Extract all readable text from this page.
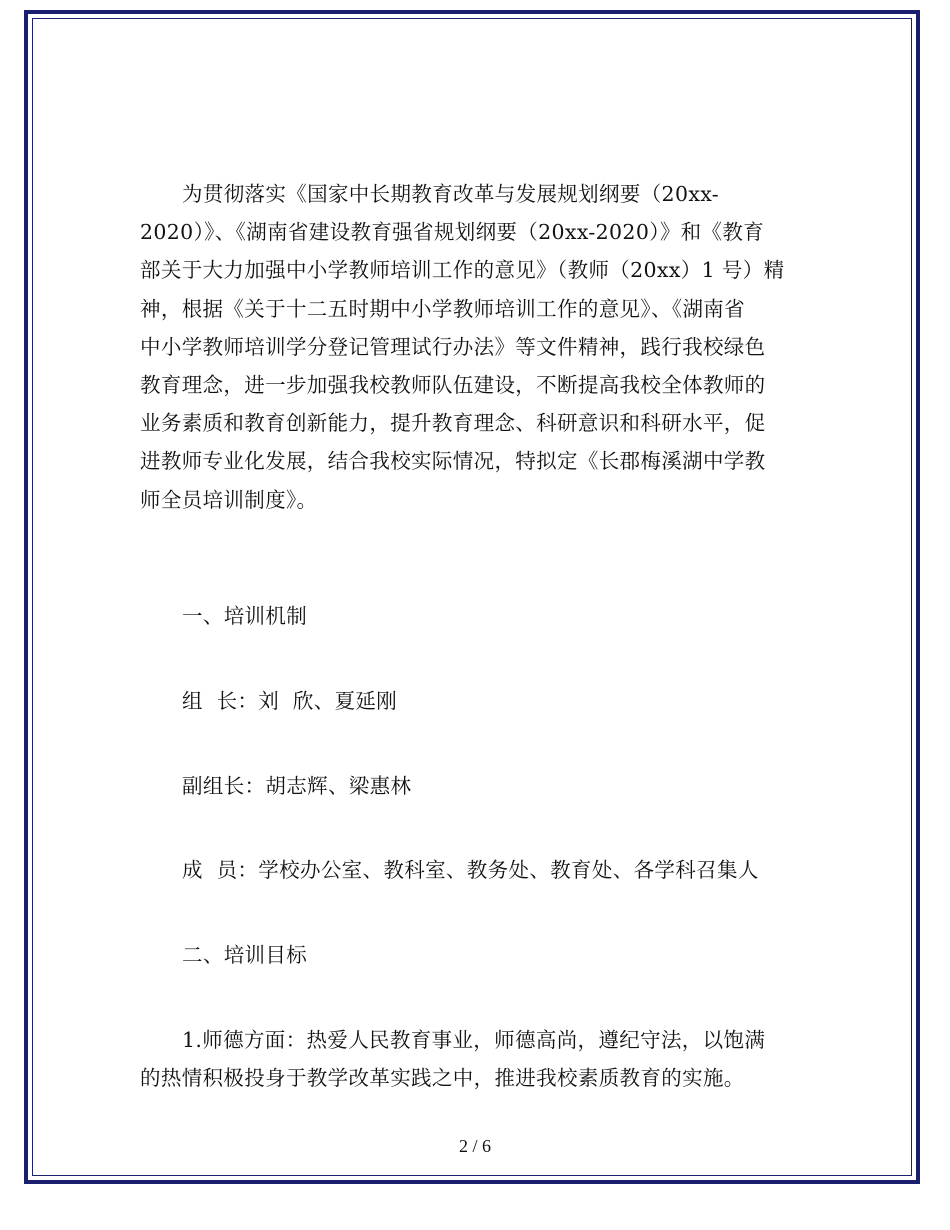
为贯彻落实《国家中长期教育改革与发展规划纲要（20xx-
2020）》、《湖南省建设教育强省规划纲要（20xx-2020）》和《教育
部关于大力加强中小学教师培训工作的意见》（教师（20xx）1 号）精
神，根据《关于十二五时期中小学教师培训工作的意见》、《湖南省
中小学教师培训学分登记管理试行办法》等文件精神，践行我校绿色
教育理念，进一步加强我校教师队伍建设，不断提高我校全体教师的
业务素质和教育创新能力，提升教育理念、科研意识和科研水平，促
进教师专业化发展，结合我校实际情况，特拟定《长郡梅溪湖中学教
师全员培训制度》。

一、培训机制

组  长：刘  欣、夏延刚

副组长：胡志辉、梁惠林

成  员：学校办公室、教科室、教务处、教育处、各学科召集人

二、培训目标

1.师德方面：热爱人民教育事业，师德高尚，遵纪守法，以饱满
的热情积极投身于教学改革实践之中，推进我校素质教育的实施。

2 / 6
